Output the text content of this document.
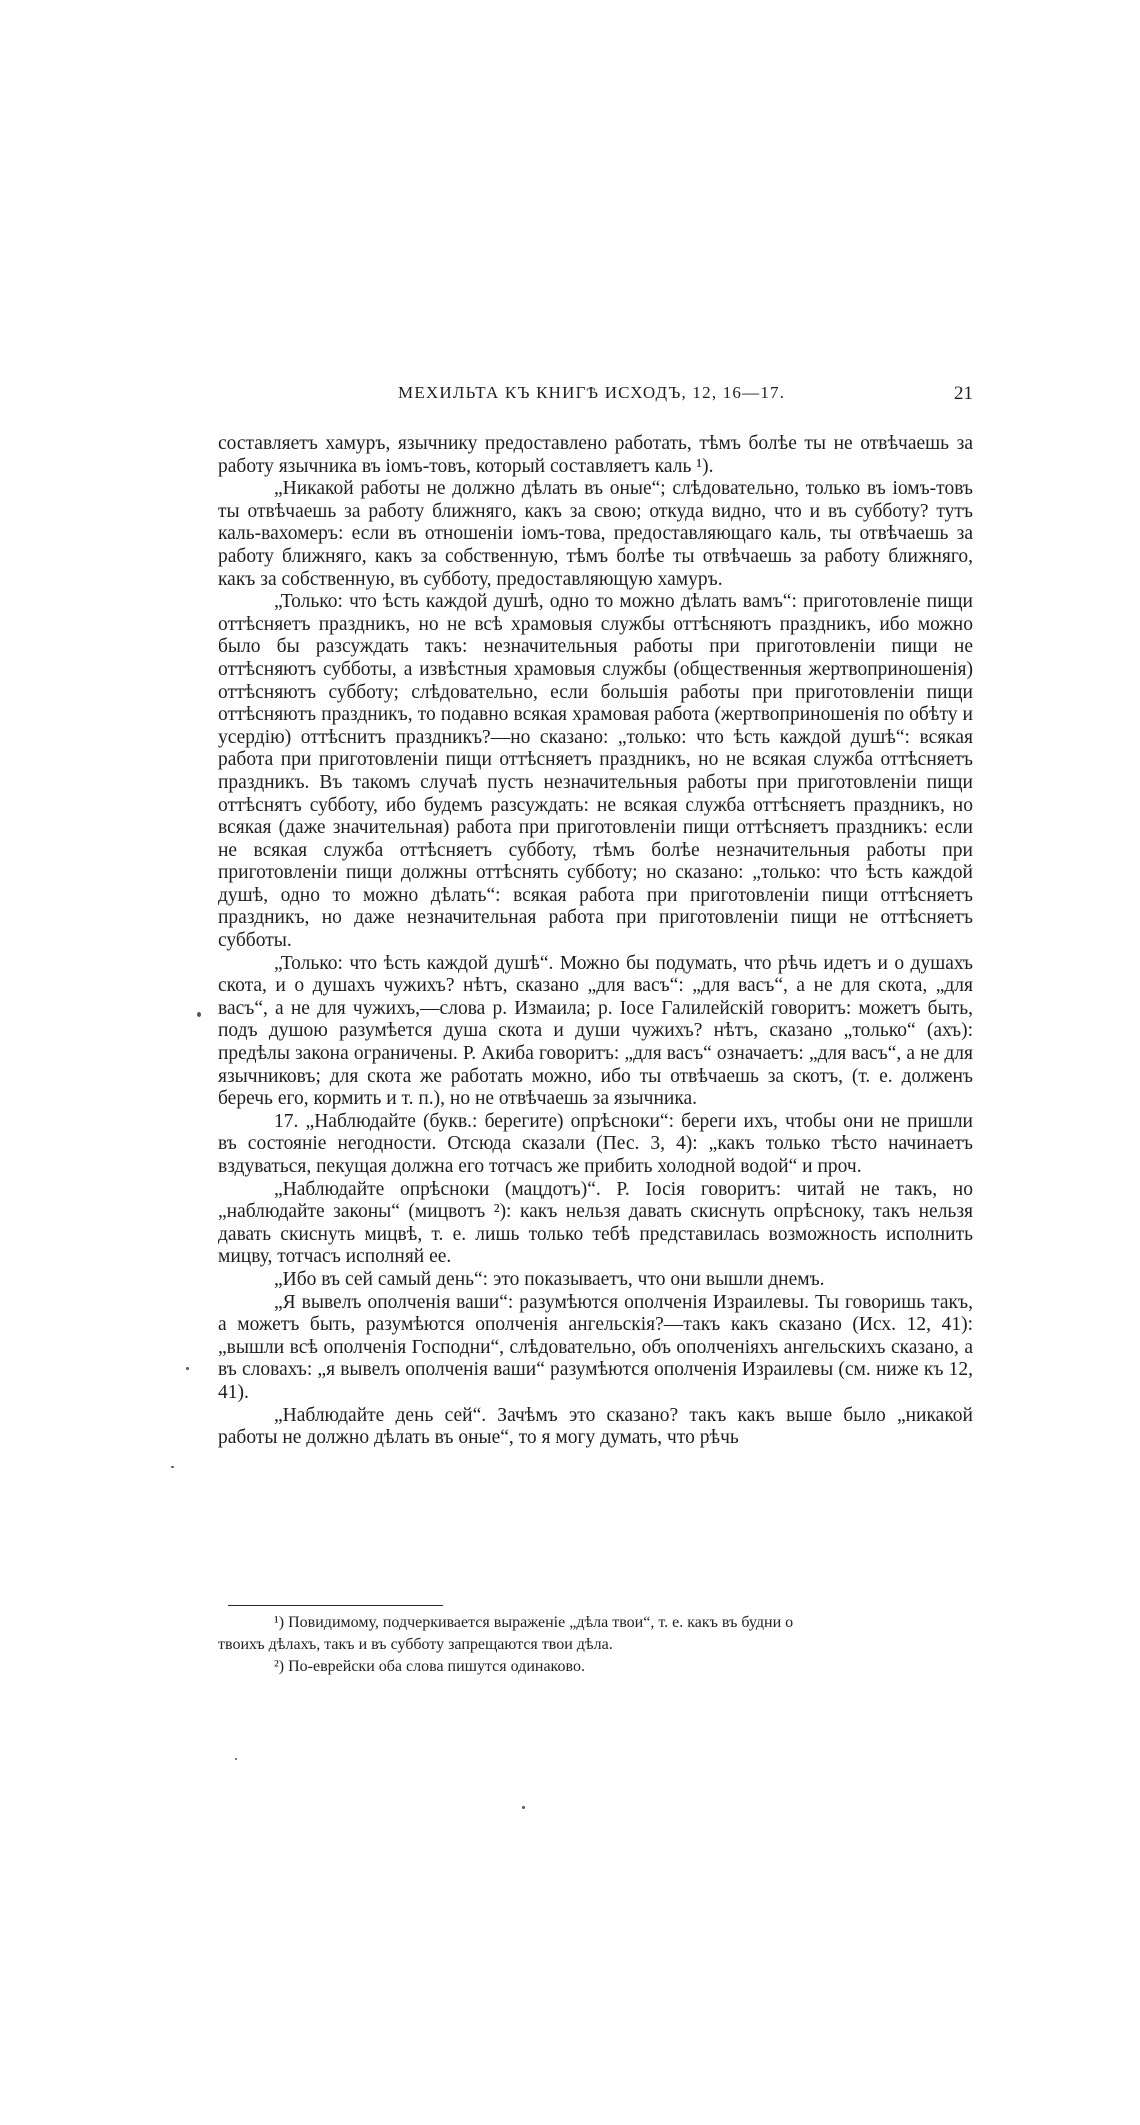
МЕХИЛЬТА КЪ КНИГѢ ИСХОДЪ, 12, 16—17.	21

составляетъ хамуръ, язычнику предоставлено работать, тѣмъ болѣе ты не отвѣчаешь за работу язычника въ іомъ-товъ, который составляетъ каль ¹).

„Никакой работы не должно дѣлать въ оные“; слѣдовательно, только въ іомъ-товъ ты отвѣчаешь за работу ближняго, какъ за свою; откуда видно, что и въ субботу? тутъ каль-вахомеръ: если въ отношеніи іомъ-това, предоставляющаго каль, ты отвѣчаешь за работу ближняго, какъ за собственную, тѣмъ болѣе ты отвѣчаешь за работу ближняго, какъ за собственную, въ субботу, предоставляющую хамуръ.

„Только: что ѣсть каждой душѣ, одно то можно дѣлать вамъ“: приготовленіе пищи оттѣсняетъ праздникъ, но не всѣ храмовыя службы оттѣсняютъ праздникъ, ибо можно было бы разсуждать такъ: незначительныя работы при приготовленіи пищи не оттѣсняютъ субботы, а извѣстныя храмовыя службы (общественныя жертвоприношенія) оттѣсняютъ субботу; слѣдовательно, если большія работы при приготовленіи пищи оттѣсняютъ праздникъ, то подавно всякая храмовая работа (жертвоприношенія по обѣту и усердію) оттѣснитъ праздникъ?—но сказано: „только: что ѣсть каждой душѣ“: всякая работа при приготовленіи пищи оттѣсняетъ праздникъ, но не всякая служба оттѣсняетъ праздникъ. Въ такомъ случаѣ пусть незначительныя работы при приготовленіи пищи оттѣснятъ субботу, ибо будемъ разсуждать: не всякая служба оттѣсняетъ праздникъ, но всякая (даже значительная) работа при приготовленіи пищи оттѣсняетъ праздникъ: если не всякая служба оттѣсняетъ субботу, тѣмъ болѣе незначительныя работы при приготовленіи пищи должны оттѣснять субботу; но сказано: „только: что ѣсть каждой душѣ, одно то можно дѣлать“: всякая работа при приготовленіи пищи оттѣсняетъ праздникъ, но даже незначительная работа при приготовленіи пищи не оттѣсняетъ субботы.

„Только: что ѣсть каждой душѣ“. Можно бы подумать, что рѣчь идетъ и о душахъ скота, и о душахъ чужихъ? нѣтъ, сказано „для васъ“: „для васъ“, а не для скота, „для васъ“, а не для чужихъ,—слова р. Измаила; р. Іосе Галилейскій говоритъ: можетъ быть, подъ душою разумѣется душа скота и души чужихъ? нѣтъ, сказано „только“ (ахъ): предѣлы закона ограничены. Р. Акиба говоритъ: „для васъ“ означаетъ: „для васъ“, а не для язычниковъ; для скота же работать можно, ибо ты отвѣчаешь за скотъ, (т. е. долженъ беречь его, кормить и т. п.), но не отвѣчаешь за язычника.

17. „Наблюдайте (букв.: берегите) опрѣсноки“: береги ихъ, чтобы они не пришли въ состояніе негодности. Отсюда сказали (Пес. 3, 4): „какъ только тѣсто начинаетъ вздуваться, пекущая должна его тотчасъ же прибить холодной водой“ и проч.

„Наблюдайте опрѣсноки (мацдотъ)“. Р. Іосія говоритъ: читай не такъ, но „наблюдайте законы“ (мицвотъ ²): какъ нельзя давать скиснуть опрѣсноку, такъ нельзя давать скиснуть мицвѣ, т. е. лишь только тебѣ представилась возможность исполнить мицву, тотчасъ исполняй ее.

„Ибо въ сей самый день“: это показываетъ, что они вышли днемъ.

„Я вывелъ ополченія ваши“: разумѣются ополченія Израилевы. Ты говоришь такъ, а можетъ быть, разумѣются ополченія ангельскія?—такъ какъ сказано (Исх. 12, 41): „вышли всѣ ополченія Господни“, слѣдовательно, объ ополченіяхъ ангельскихъ сказано, а въ словахъ: „я вывелъ ополченія ваши“ разумѣются ополченія Израилевы (см. ниже къ 12, 41).

„Наблюдайте день сей“. Зачѣмъ это сказано? такъ какъ выше было „никакой работы не должно дѣлать въ оные“, то я могу думать, что рѣчь

¹) Повидимому, подчеркивается выраженіе „дѣла твои“, т. е. какъ въ будни о

твоихъ дѣлахъ, такъ и въ субботу запрещаются твои дѣла.

²) По-еврейски оба слова пишутся одинаково.
